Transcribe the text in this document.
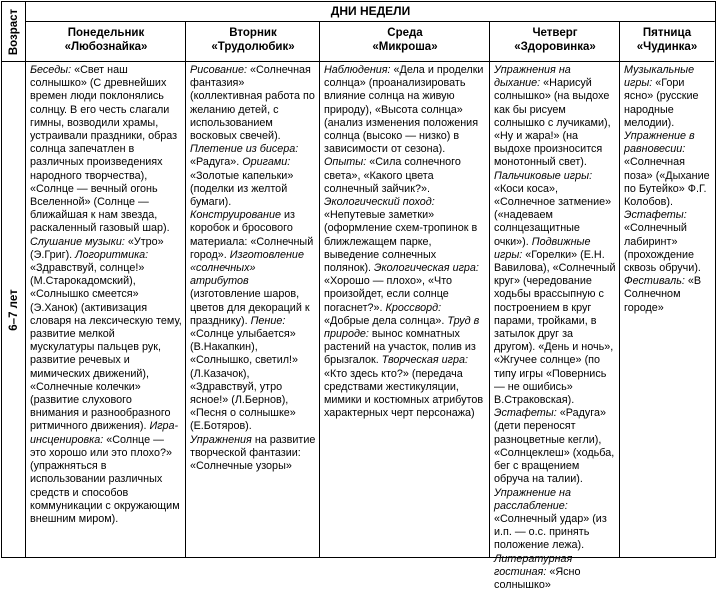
Возраст
6–7 лет
ДНИ НЕДЕЛИ
Понедельник
«Любознайка»
Вторник
«Трудолюбик»
Среда
«Микроша»
Четверг
«Здоровинка»
Пятница
«Чудинка»

Беседы: «Свет наш солнышко» (С древнейших времен люди поклонялись солнцу. В его честь слагали гимны, возводили храмы, устраивали праздники, образ солнца запечатлен в различных произведениях народного творчества), «Солнце — вечный огонь Вселенной» (Солнце — ближайшая к нам звезда, раскаленный газовый шар). Слушание музыки: «Утро» (Э.Григ). Логоритмика: «Здравствуй, солнце!» (М.Старокадомский), «Солнышко смеется» (Э.Ханок) (активизация словаря на лексическую тему, развитие мелкой мускулатуры пальцев рук, развитие речевых и мимических движений), «Солнечные колечки» (развитие слухового внимания и разнообразного ритмичного движения). Игра-инсценировка: «Солнце — это хорошо или это плохо?» (упражняться в использовании различных средств и способов коммуникации с окружающим внешним миром).

Рисование: «Солнечная фантазия» (коллективная работа по желанию детей, с использованием восковых свечей). Плетение из бисера: «Радуга». Оригами: «Золотые капельки» (поделки из желтой бумаги). Конструирование из коробок и бросового материала: «Солнечный город». Изготовление «солнечных» атрибутов (изготовление шаров, цветов для декораций к празднику). Пение: «Солнце улыбается» (В.Накапкин), «Солнышко, светил!» (Л.Казачок), «Здравствуй, утро ясное!» (Л.Бернов), «Песня о солнышке» (Е.Ботяров). Упражнения на развитие творческой фантазии: «Солнечные узоры»

Наблюдения: «Дела и проделки солнца» (проанализировать влияние солнца на живую природу), «Высота солнца» (анализ изменения положения солнца (высоко — низко) в зависимости от сезона). Опыты: «Сила солнечного света», «Какого цвета солнечный зайчик?». Экологический поход: «Непутевые заметки» (оформление схем-тропинок в ближлежащем парке, выведение солнечных полянок). Экологическая игра: «Хорошо — плохо», «Что произойдет, если солнце погаснет?». Кроссворд: «Добрые дела солнца». Труд в природе: вынос комнатных растений на участок, полив из брызгалок. Творческая игра: «Кто здесь кто?» (передача средствами жестикуляции, мимики и костюмных атрибутов характерных черт персонажа)

Упражнения на дыхание: «Нарисуй солнышко» (на выдохе как бы рисуем солнышко с лучиками), «Ну и жара!» (на выдохе произносится монотонный свет). Пальчиковые игры: «Коси коса», «Солнечное затмение» («надеваем солнцезащитные очки»). Подвижные игры: «Горелки» (Е.Н. Вавилова), «Солнечный круг» (чередование ходьбы врассыпную с построением в круг парами, тройками, в затылок друг за другом). «День и ночь», «Жгучее солнце» (по типу игры «Повернись — не ошибись» В.Страковская). Эстафеты: «Радуга» (дети переносят разноцветные кегли), «Солнцеклеш» (ходьба, бег с вращением обруча на талии). Упражнение на расслабление: «Солнечный удар» (из и.п. — о.с. принять положение лежа). Литературная гостиная: «Ясно солнышко»

Музыкальные игры: «Гори ясно» (русские народные мелодии). Упражнение в равновесии: «Солнечная поза» («Дыхание по Бутейко» Ф.Г. Колобов). Эстафеты: «Солнечный лабиринт» (прохождение сквозь обручи). Фестиваль: «В Солнечном городе»
